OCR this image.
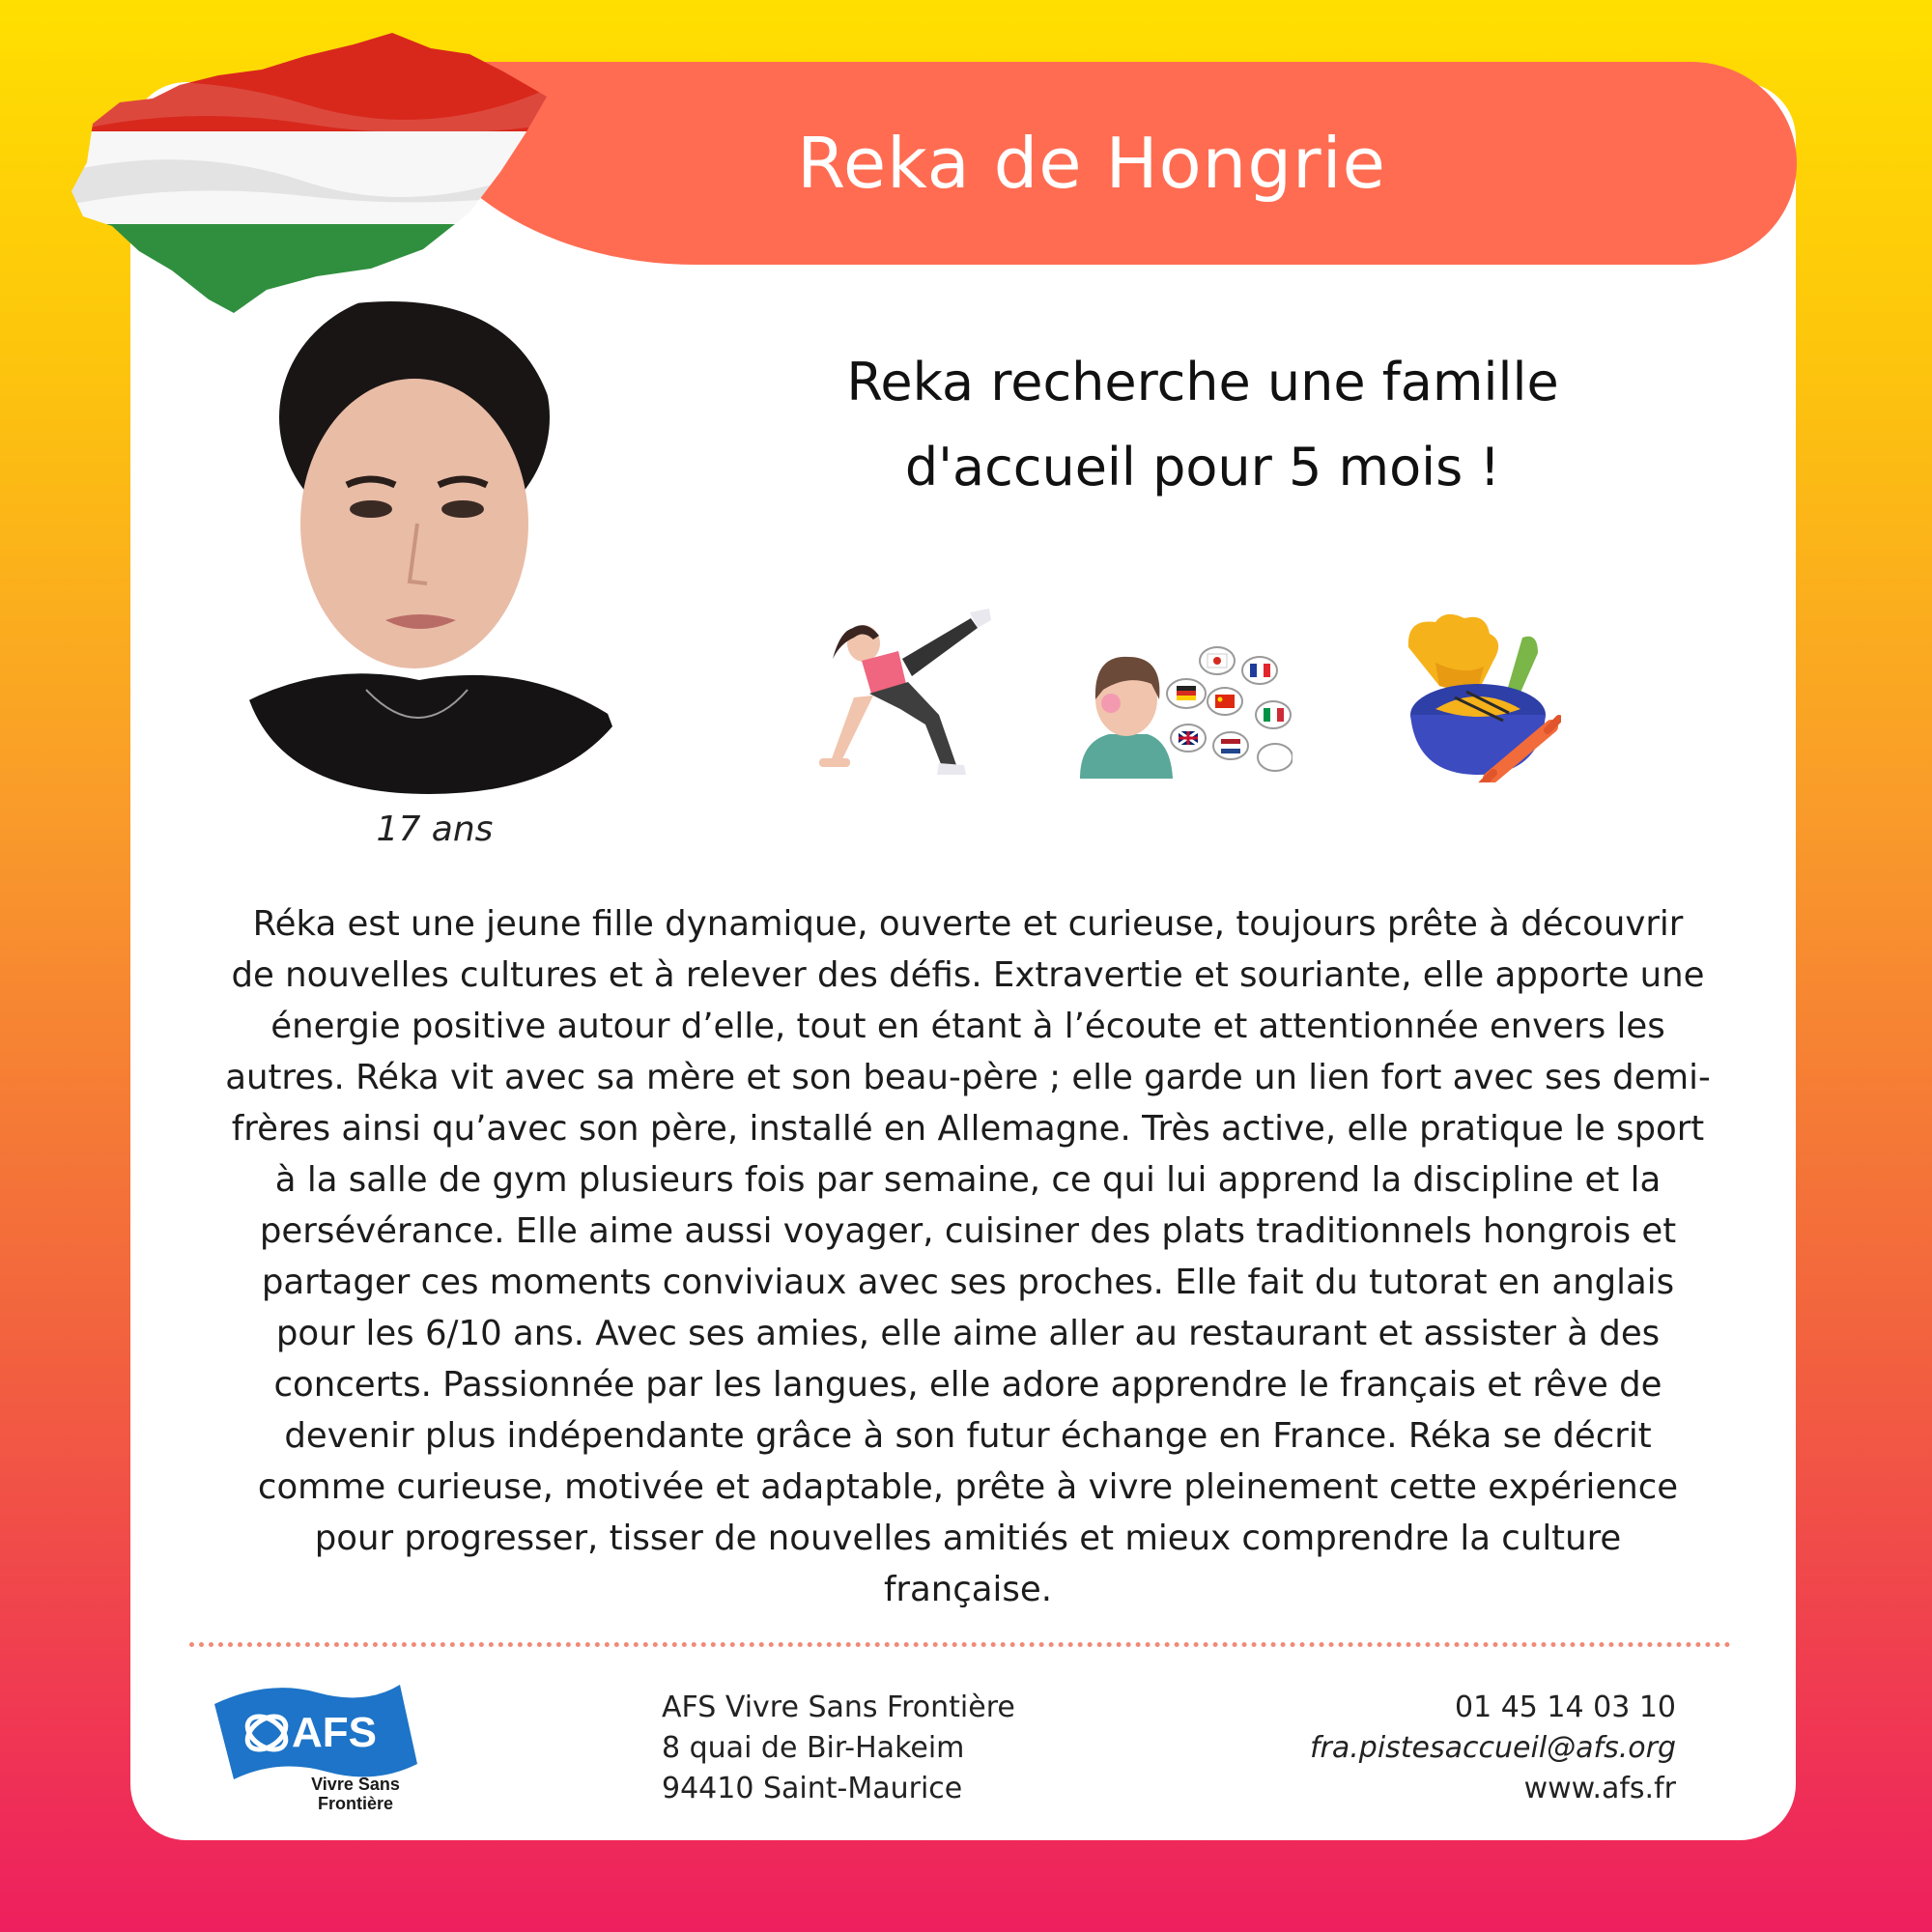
Reka de Hongrie
17 ans
Reka recherche une famille
d'accueil pour 5 mois !
Réka est une jeune fille dynamique, ouverte et curieuse, toujours prête à découvrir
de nouvelles cultures et à relever des défis. Extravertie et souriante, elle apporte une
énergie positive autour d’elle, tout en étant à l’écoute et attentionnée envers les
autres. Réka vit avec sa mère et son beau-père ; elle garde un lien fort avec ses demi-
frères ainsi qu’avec son père, installé en Allemagne. Très active, elle pratique le sport
à la salle de gym plusieurs fois par semaine, ce qui lui apprend la discipline et la
persévérance. Elle aime aussi voyager, cuisiner des plats traditionnels hongrois et
partager ces moments conviviaux avec ses proches. Elle fait du tutorat en anglais
pour les 6/10 ans. Avec ses amies, elle aime aller au restaurant et assister à des
concerts. Passionnée par les langues, elle adore apprendre le français et rêve de
devenir plus indépendante grâce à son futur échange en France. Réka se décrit
comme curieuse, motivée et adaptable, prête à vivre pleinement cette expérience
pour progresser, tisser de nouvelles amitiés et mieux comprendre la culture
française.
AFS
Vivre Sans
Frontière
AFS Vivre Sans Frontière
8 quai de Bir-Hakeim
94410 Saint-Maurice
01 45 14 03 10
fra.pistesaccueil@afs.org
www.afs.fr
